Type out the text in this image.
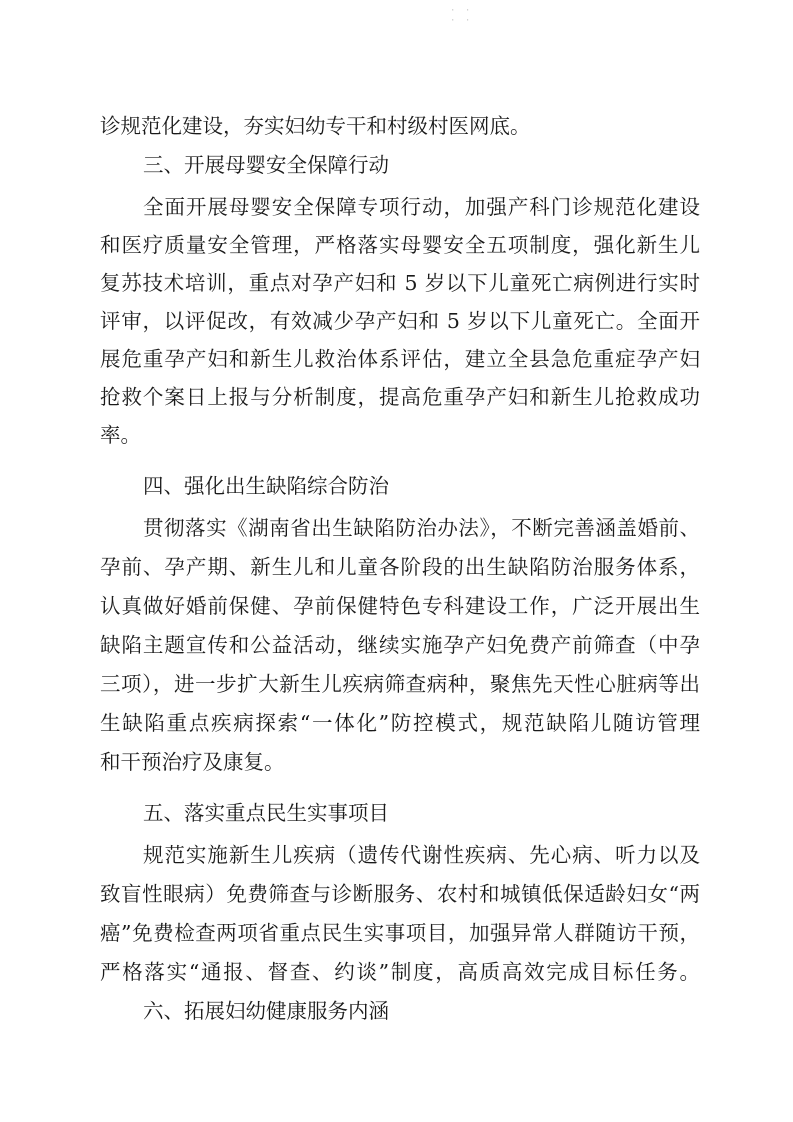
· · · ·
诊规范化建设，夯实妇幼专干和村级村医网底。
三、开展母婴安全保障行动
全面开展母婴安全保障专项行动，加强产科门诊规范化建设
和医疗质量安全管理，严格落实母婴安全五项制度，强化新生儿
复苏技术培训，重点对孕产妇和 5 岁以下儿童死亡病例进行实时
评审，以评促改，有效减少孕产妇和 5 岁以下儿童死亡。全面开
展危重孕产妇和新生儿救治体系评估，建立全县急危重症孕产妇
抢救个案日上报与分析制度，提高危重孕产妇和新生儿抢救成功
率。
四、强化出生缺陷综合防治
贯彻落实《湖南省出生缺陷防治办法》，不断完善涵盖婚前、
孕前、孕产期、新生儿和儿童各阶段的出生缺陷防治服务体系，
认真做好婚前保健、孕前保健特色专科建设工作，广泛开展出生
缺陷主题宣传和公益活动，继续实施孕产妇免费产前筛查（中孕
三项），进一步扩大新生儿疾病筛查病种，聚焦先天性心脏病等出
生缺陷重点疾病探索“一体化”防控模式，规范缺陷儿随访管理
和干预治疗及康复。
五、落实重点民生实事项目
规范实施新生儿疾病（遗传代谢性疾病、先心病、听力以及
致盲性眼病）免费筛查与诊断服务、农村和城镇低保适龄妇女“两
癌”免费检查两项省重点民生实事项目，加强异常人群随访干预，
严格落实“通报、督查、约谈”制度，高质高效完成目标任务。
六、拓展妇幼健康服务内涵
